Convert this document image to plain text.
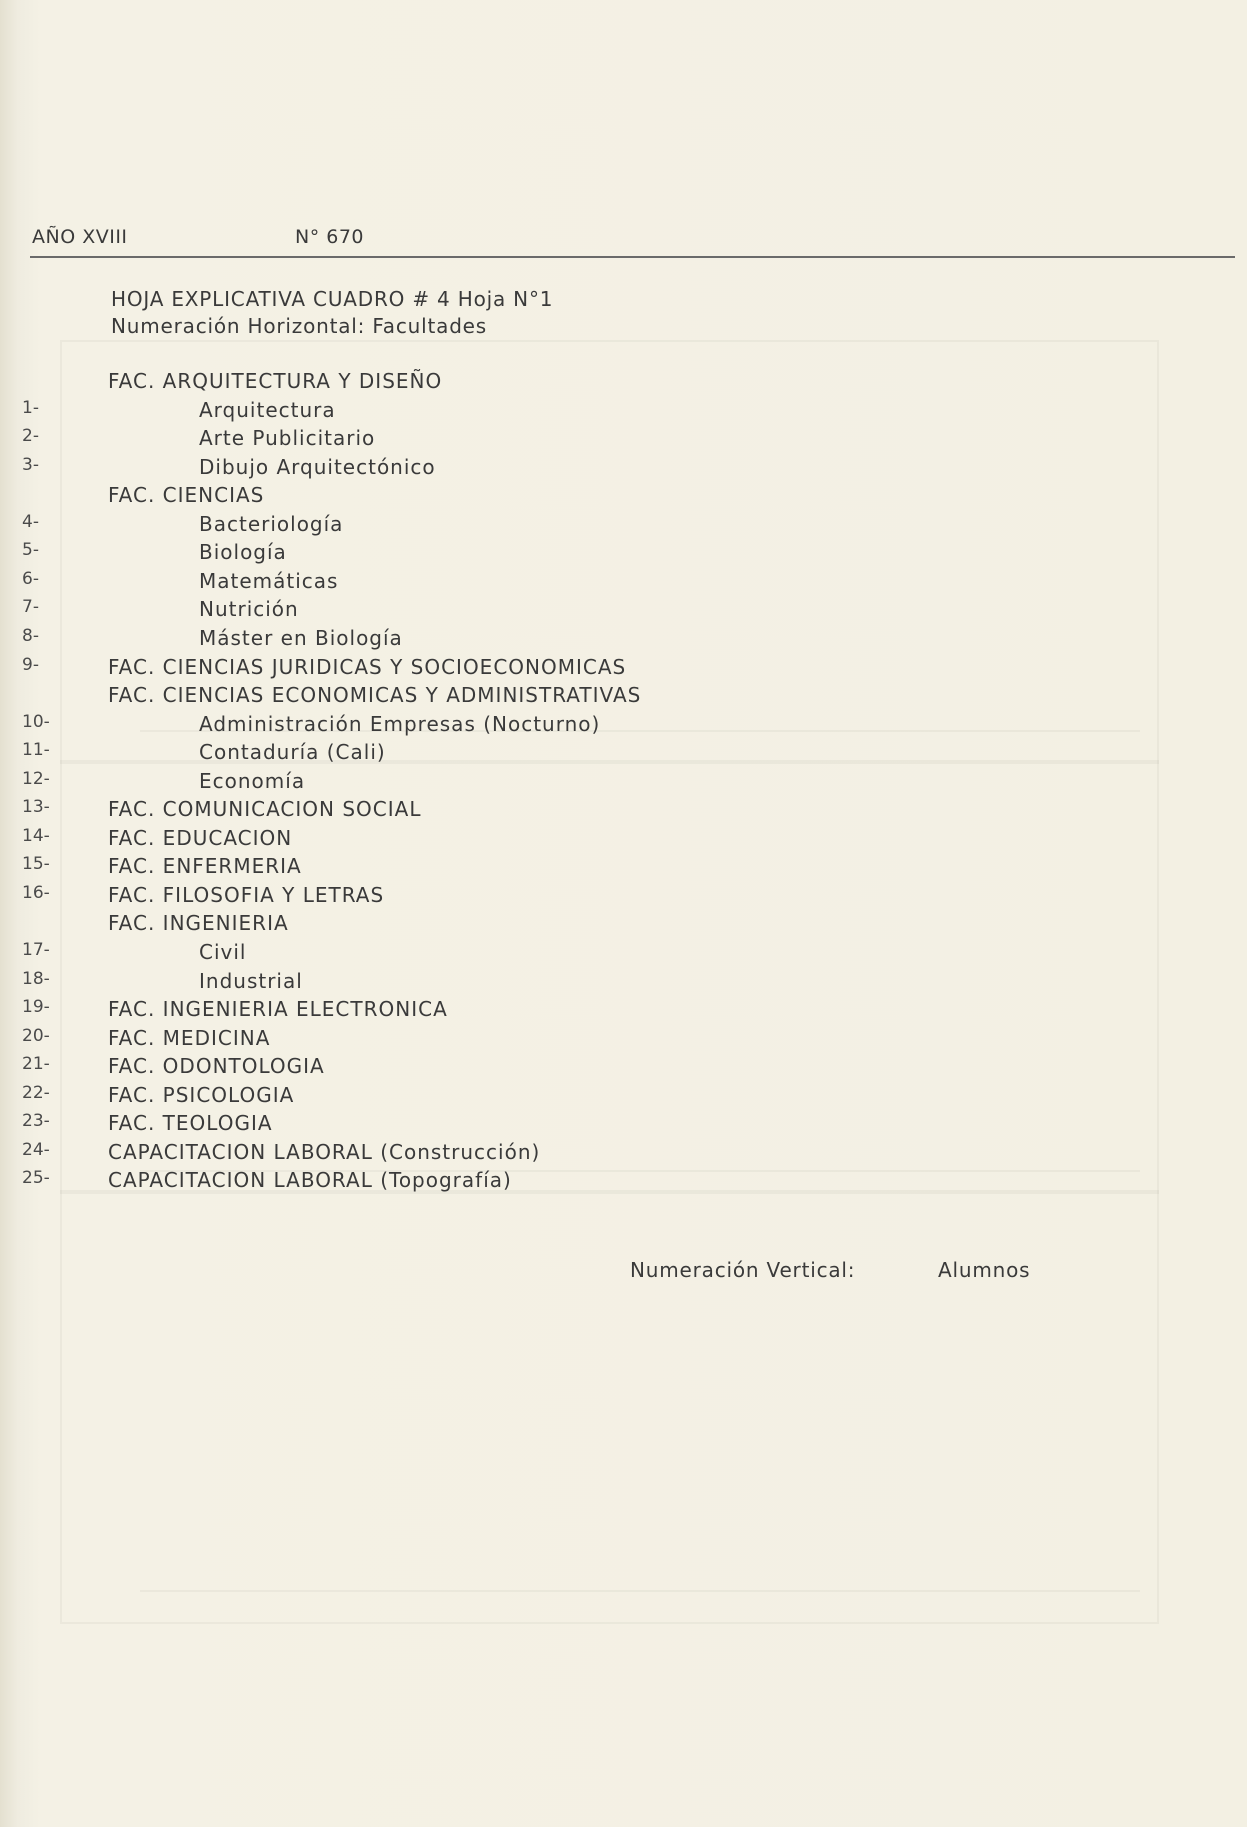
AÑO XVIII	N° 670
HOJA EXPLICATIVA CUADRO # 4 Hoja N°1
Numeración Horizontal: Facultades
FAC. ARQUITECTURA Y DISEÑO
1-	Arquitectura
2-	Arte Publicitario
3-	Dibujo Arquitectónico
FAC. CIENCIAS
4-	Bacteriología
5-	Biología
6-	Matemáticas
7-	Nutrición
8-	Máster en Biología
9-	FAC. CIENCIAS JURIDICAS Y SOCIOECONOMICAS
FAC. CIENCIAS ECONOMICAS Y ADMINISTRATIVAS
10-	Administración Empresas (Nocturno)
11-	Contaduría (Cali)
12-	Economía
13-	FAC. COMUNICACION SOCIAL
14-	FAC. EDUCACION
15-	FAC. ENFERMERIA
16-	FAC. FILOSOFIA Y LETRAS
FAC. INGENIERIA
17-	Civil
18-	Industrial
19-	FAC. INGENIERIA ELECTRONICA
20-	FAC. MEDICINA
21-	FAC. ODONTOLOGIA
22-	FAC. PSICOLOGIA
23-	FAC. TEOLOGIA
24-	CAPACITACION LABORAL (Construcción)
25-	CAPACITACION LABORAL (Topografía)
Numeración Vertical:	Alumnos
